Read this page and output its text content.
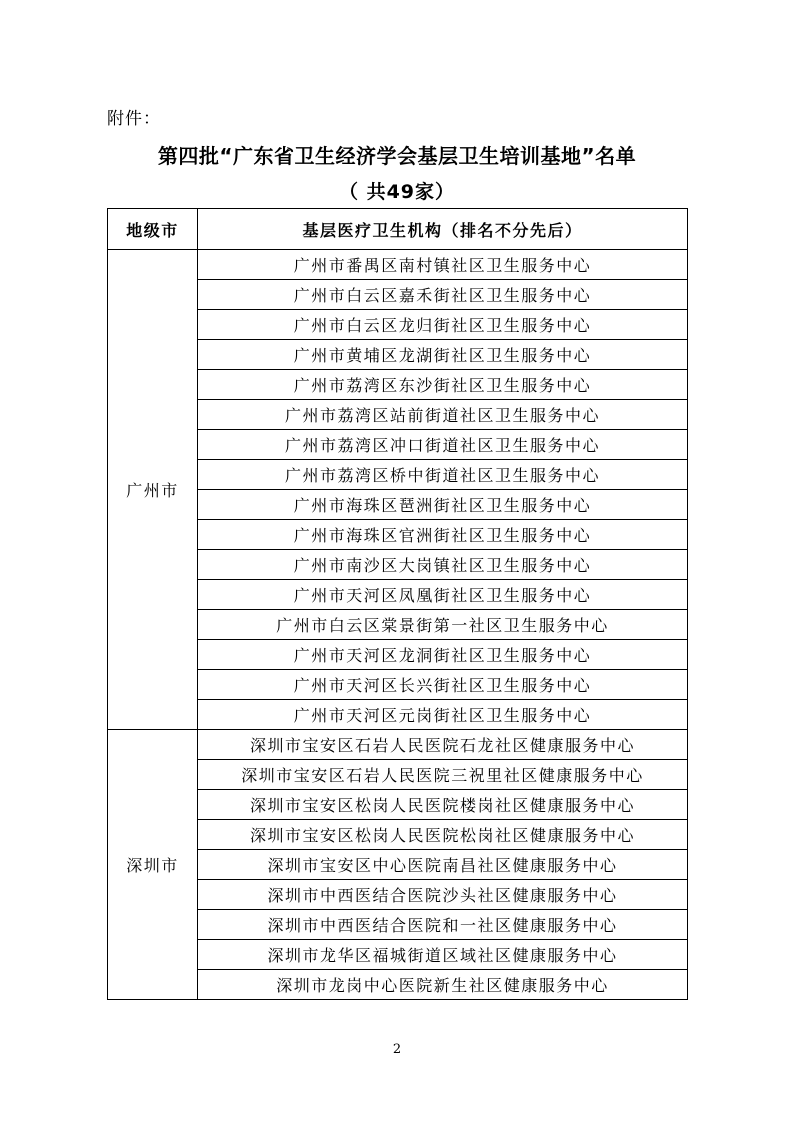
附件：
第四批“广东省卫生经济学会基层卫生培训基地”名单
（ 共49家）
地级市	基层医疗卫生机构（排名不分先后）
广州市	广州市番禺区南村镇社区卫生服务中心
	广州市白云区嘉禾街社区卫生服务中心
	广州市白云区龙归街社区卫生服务中心
	广州市黄埔区龙湖街社区卫生服务中心
	广州市荔湾区东沙街社区卫生服务中心
	广州市荔湾区站前街道社区卫生服务中心
	广州市荔湾区冲口街道社区卫生服务中心
	广州市荔湾区桥中街道社区卫生服务中心
	广州市海珠区琶洲街社区卫生服务中心
	广州市海珠区官洲街社区卫生服务中心
	广州市南沙区大岗镇社区卫生服务中心
	广州市天河区凤凰街社区卫生服务中心
	广州市白云区棠景街第一社区卫生服务中心
	广州市天河区龙洞街社区卫生服务中心
	广州市天河区长兴街社区卫生服务中心
	广州市天河区元岗街社区卫生服务中心
深圳市	深圳市宝安区石岩人民医院石龙社区健康服务中心
	深圳市宝安区石岩人民医院三祝里社区健康服务中心
	深圳市宝安区松岗人民医院楼岗社区健康服务中心
	深圳市宝安区松岗人民医院松岗社区健康服务中心
	深圳市宝安区中心医院南昌社区健康服务中心
	深圳市中西医结合医院沙头社区健康服务中心
	深圳市中西医结合医院和一社区健康服务中心
	深圳市龙华区福城街道区域社区健康服务中心
	深圳市龙岗中心医院新生社区健康服务中心
2
